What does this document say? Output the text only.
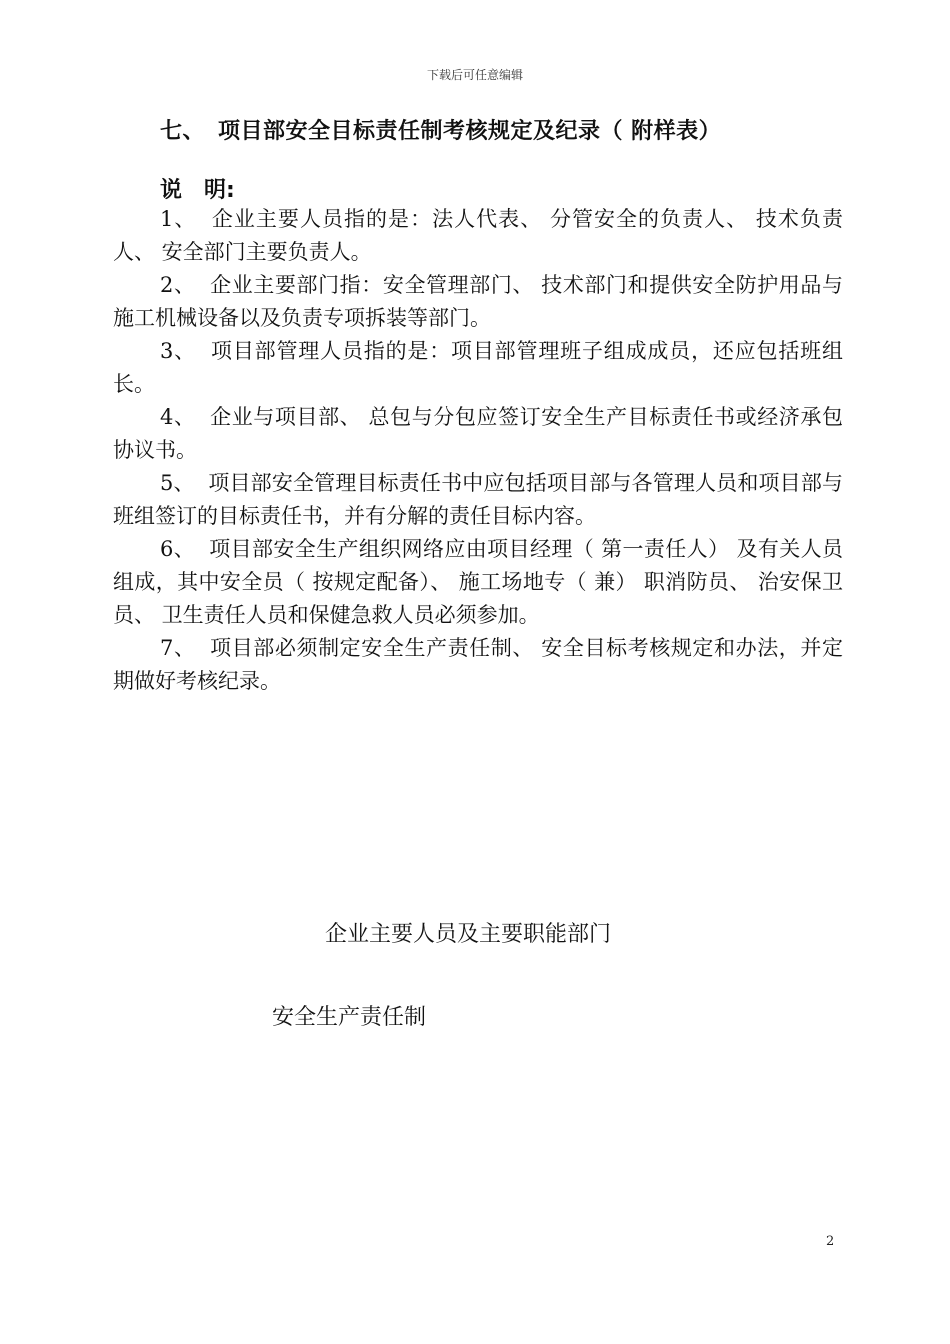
下载后可任意编辑
七、 项目部安全目标责任制考核规定及纪录（ 附样表）
说　明:

1、 企业主要人员指的是：法人代表、 分管安全的负责人、 技术负责人、 安全部门主要负责人。

2、 企业主要部门指：安全管理部门、 技术部门和提供安全防护用品与施工机械设备以及负责专项拆装等部门。

3、 项目部管理人员指的是：项目部管理班子组成成员，还应包括班组长。

4、 企业与项目部、 总包与分包应签订安全生产目标责任书或经济承包协议书。

5、 项目部安全管理目标责任书中应包括项目部与各管理人员和项目部与班组签订的目标责任书，并有分解的责任目标内容。

6、 项目部安全生产组织网络应由项目经理（ 第一责任人） 及有关人员组成，其中安全员（ 按规定配备）、 施工场地专（ 兼） 职消防员、 治安保卫员、 卫生责任人员和保健急救人员必须参加。

7、 项目部必须制定安全生产责任制、 安全目标考核规定和办法，并定期做好考核纪录。

企业主要人员及主要职能部门
安全生产责任制
2
